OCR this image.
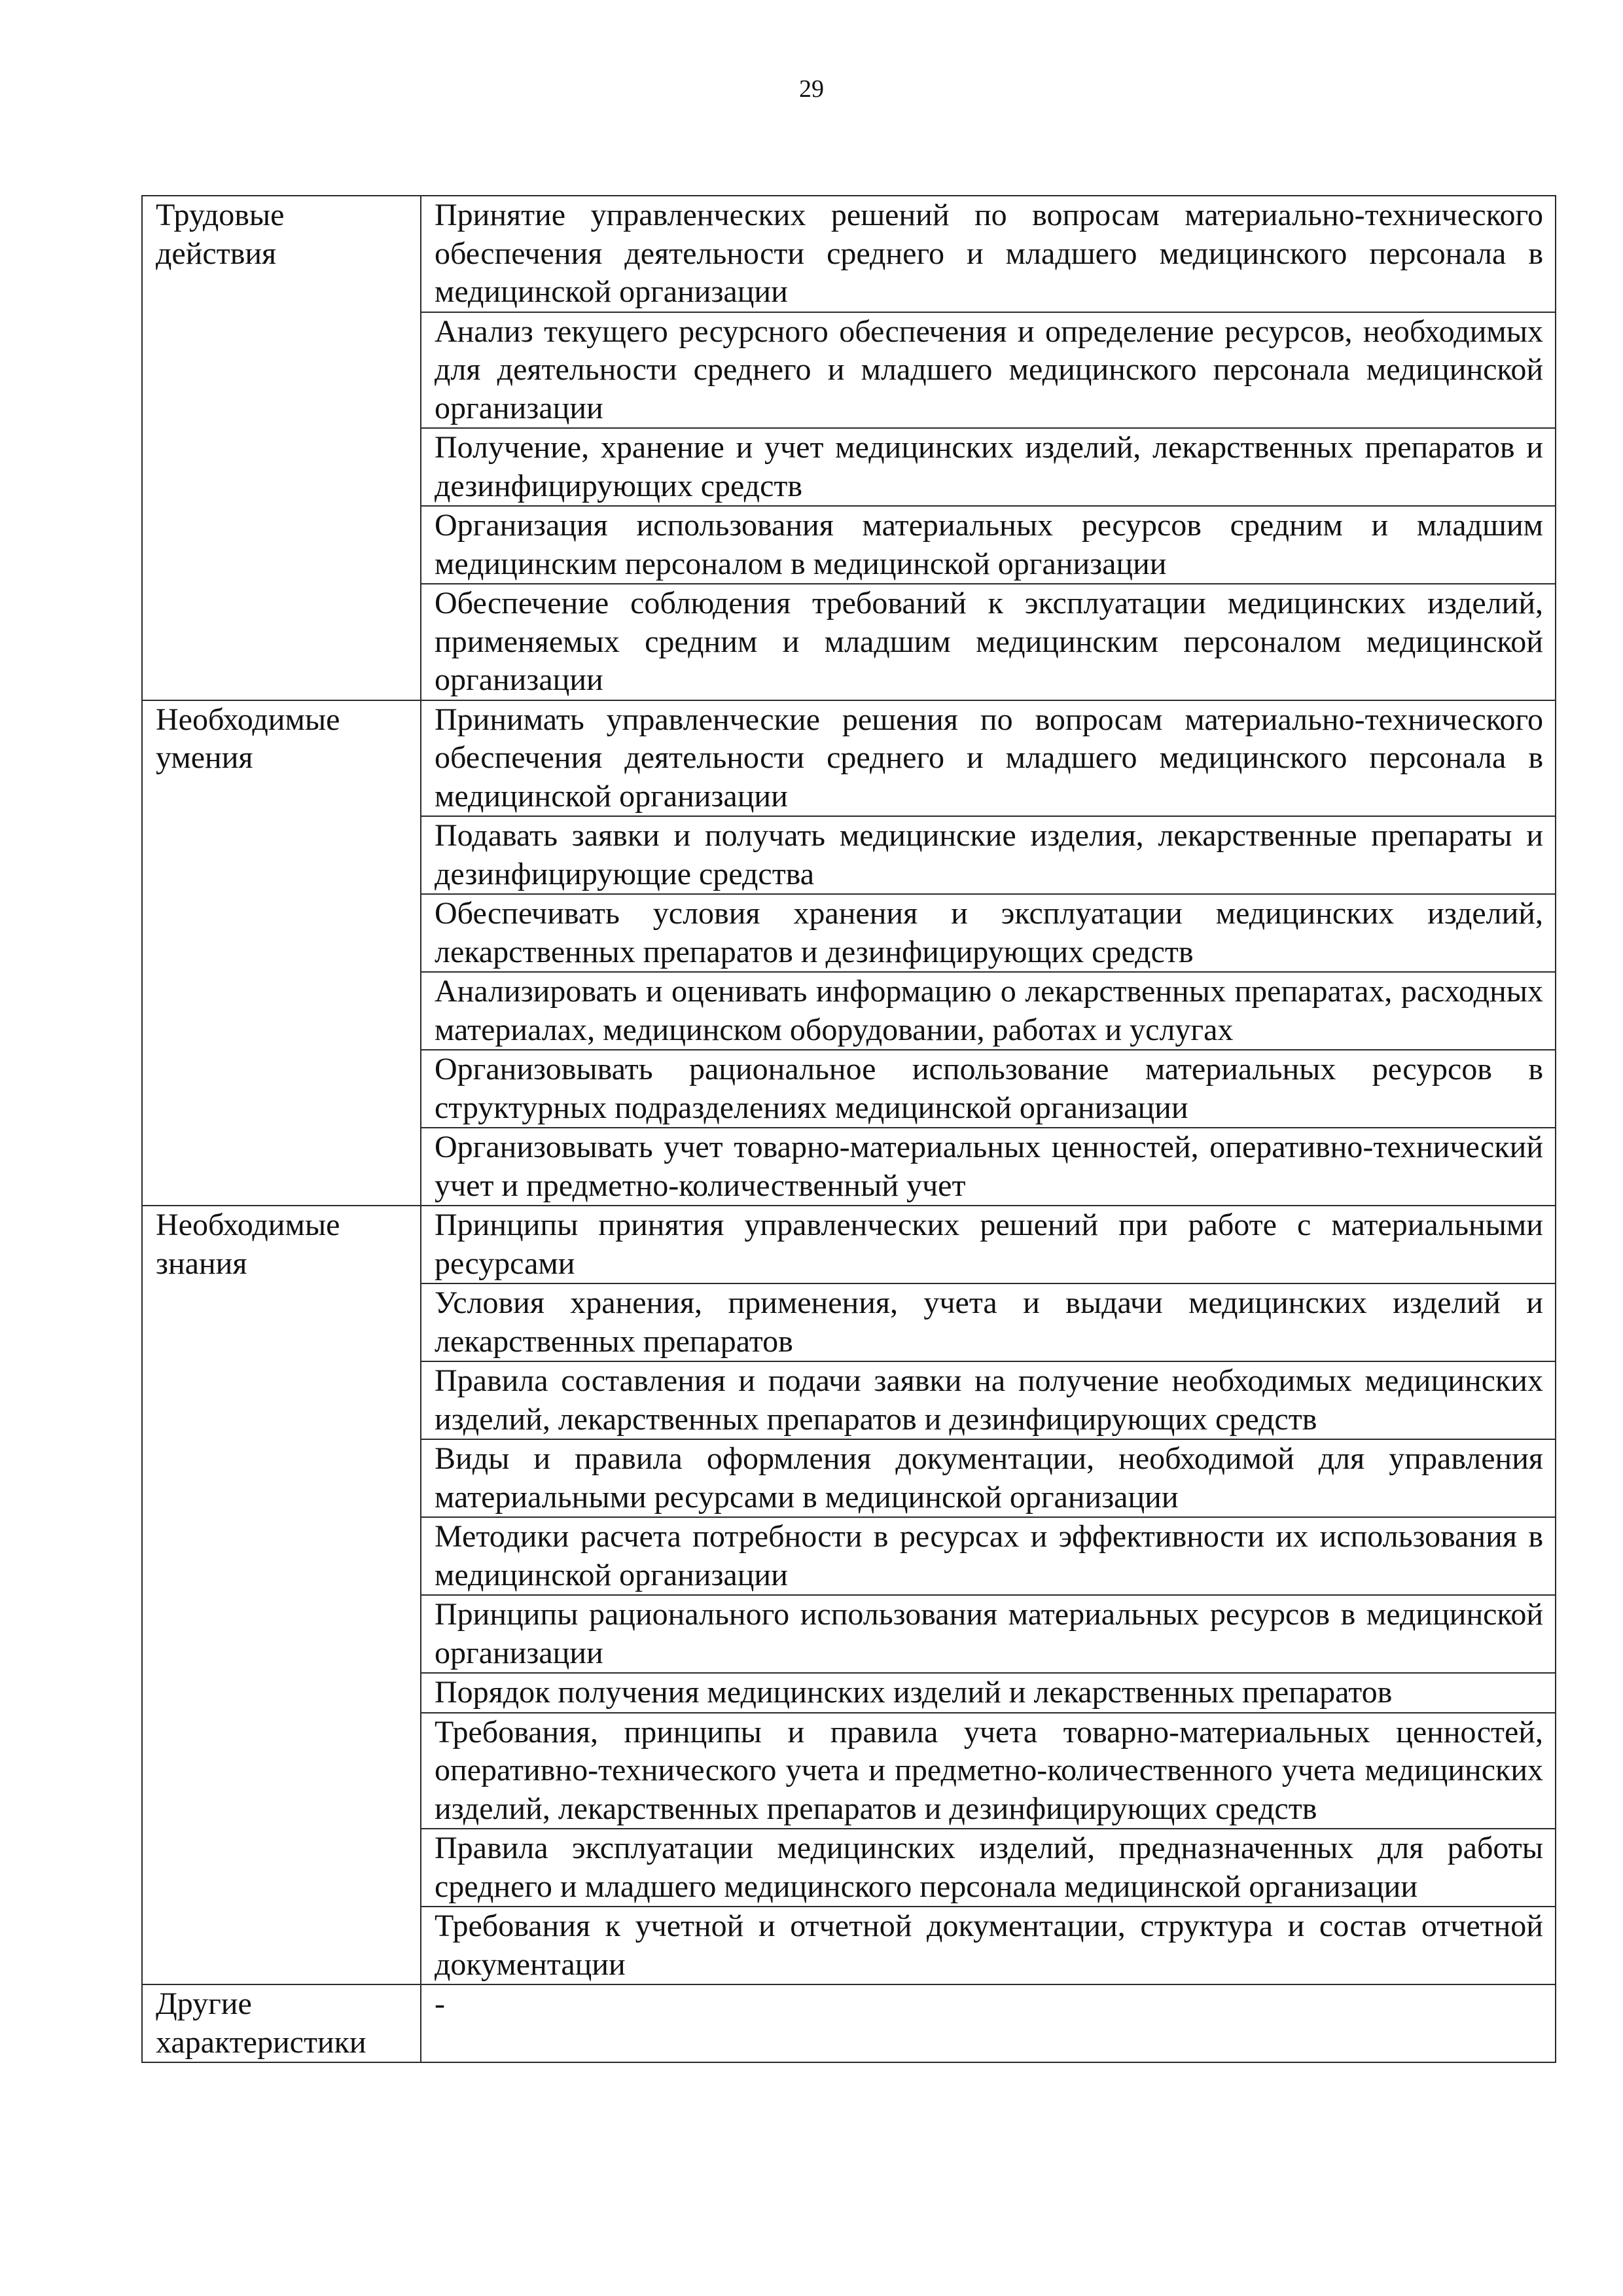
29
Трудовые действия	Принятие управленческих решений по вопросам материально-технического обеспечения деятельности среднего и младшего медицинского персонала в медицинской организации
	Анализ текущего ресурсного обеспечения и определение ресурсов, необходимых для деятельности среднего и младшего медицинского персонала медицинской организации
	Получение, хранение и учет медицинских изделий, лекарственных препаратов и дезинфицирующих средств
	Организация использования материальных ресурсов средним и младшим медицинским персоналом в медицинской организации
	Обеспечение соблюдения требований к эксплуатации медицинских изделий, применяемых средним и младшим медицинским персоналом медицинской организации
Необходимые умения	Принимать управленческие решения по вопросам материально-технического обеспечения деятельности среднего и младшего медицинского персонала в медицинской организации
	Подавать заявки и получать медицинские изделия, лекарственные препараты и дезинфицирующие средства
	Обеспечивать условия хранения и эксплуатации медицинских изделий, лекарственных препаратов и дезинфицирующих средств
	Анализировать и оценивать информацию о лекарственных препаратах, расходных материалах, медицинском оборудовании, работах и услугах
	Организовывать рациональное использование материальных ресурсов в структурных подразделениях медицинской организации
	Организовывать учет товарно-материальных ценностей, оперативно-технический учет и предметно-количественный учет
Необходимые знания	Принципы принятия управленческих решений при работе с материальными ресурсами
	Условия хранения, применения, учета и выдачи медицинских изделий и лекарственных препаратов
	Правила составления и подачи заявки на получение необходимых медицинских изделий, лекарственных препаратов и дезинфицирующих средств
	Виды и правила оформления документации, необходимой для управления материальными ресурсами в медицинской организации
	Методики расчета потребности в ресурсах и эффективности их использования в медицинской организации
	Принципы рационального использования материальных ресурсов в медицинской организации
	Порядок получения медицинских изделий и лекарственных препаратов
	Требования, принципы и правила учета товарно-материальных ценностей, оперативно-технического учета и предметно-количественного учета медицинских изделий, лекарственных препаратов и дезинфицирующих средств
	Правила эксплуатации медицинских изделий, предназначенных для работы среднего и младшего медицинского персонала медицинской организации
	Требования к учетной и отчетной документации, структура и состав отчетной документации
Другие характеристики	-
